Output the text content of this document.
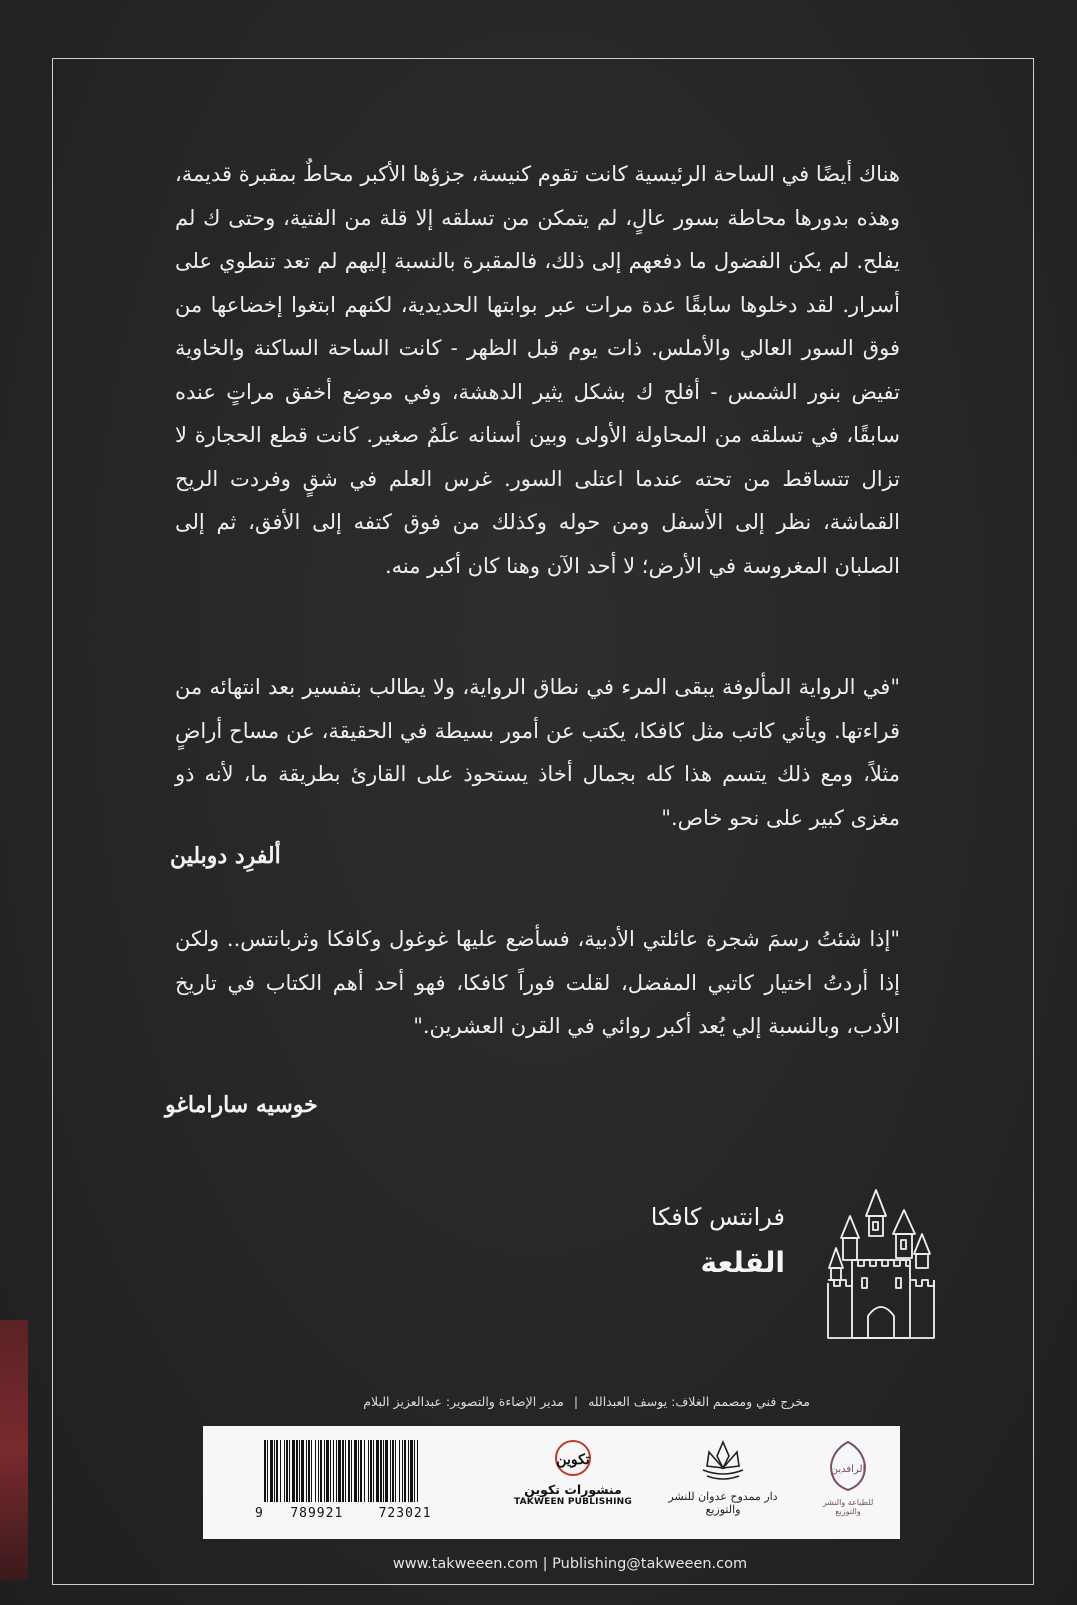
هناك أيضًا في الساحة الرئيسية كانت تقوم كنيسة، جزؤها الأكبر محاطٌ بمقبرة قديمة، وهذه بدورها محاطة بسور عالٍ، لم يتمكن من تسلقه إلا قلة من الفتية، وحتى ك لم يفلح. لم يكن الفضول ما دفعهم إلى ذلك، فالمقبرة بالنسبة إليهم لم تعد تنطوي على أسرار. لقد دخلوها سابقًا عدة مرات عبر بوابتها الحديدية، لكنهم ابتغوا إخضاعها من فوق السور العالي والأملس. ذات يوم قبل الظهر - كانت الساحة الساكنة والخاوية تفيض بنور الشمس - أفلح ك بشكل يثير الدهشة، وفي موضع أخفق مراتٍ عنده سابقًا، في تسلقه من المحاولة الأولى وبين أسنانه علَمٌ صغير. كانت قطع الحجارة لا تزال تتساقط من تحته عندما اعتلى السور. غرس العلم في شقٍ وفردت الريح القماشة، نظر إلى الأسفل ومن حوله وكذلك من فوق كتفه إلى الأفق، ثم إلى الصلبان المغروسة في الأرض؛ لا أحد الآن وهنا كان أكبر منه.
"في الرواية المألوفة يبقى المرء في نطاق الرواية، ولا يطالب بتفسير بعد انتهائه من قراءتها. ويأتي كاتب مثل كافكا، يكتب عن أمور بسيطة في الحقيقة، عن مساح أراضٍ مثلاً، ومع ذلك يتسم هذا كله بجمال أخاذ يستحوذ على القارئ بطريقة ما، لأنه ذو مغزى كبير على نحو خاص."
ألفرِد دوبلين
"إذا شئتُ رسمَ شجرة عائلتي الأدبية، فسأضع عليها غوغول وكافكا وثربانتس.. ولكن إذا أردتُ اختيار كاتبي المفضل، لقلت فوراً كافكا، فهو أحد أهم الكتاب في تاريخ الأدب، وبالنسبة إلي يُعد أكبر روائي في القرن العشرين."
خوسيه ساراماغو
فرانتس كافكا
القلعة
مخرج فني ومصمم الغلاف: يوسف العبدالله | مدير الإضاءة والتصوير: عبدالعزيز البلام
9 789921	723021
تكوين
منشورات تكوين
TAKWEEN PUBLISHING	دار ممدوح عدوان للنشر والتوزيع
الرافدين
للطباعة والنشر والتوزيع
www.takweeen.com | Publishing@takweeen.com
